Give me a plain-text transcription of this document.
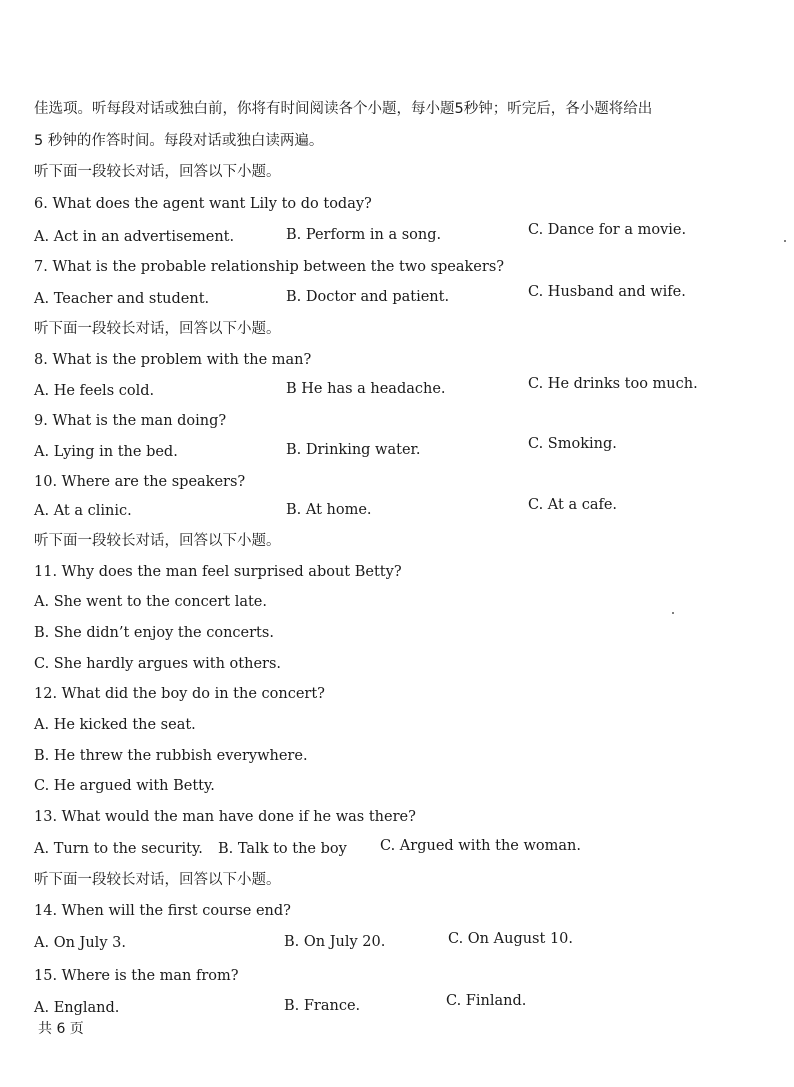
佳选项。听每段对话或独白前，你将有时间阅读各个小题，每小题5秒钟；听完后，各小题将给出
5 秒钟的作答时间。每段对话或独白读两遍。
听下面一段较长对话，回答以下小题。
6. What does the agent want Lily to do today?
A. Act in an advertisement.	B. Perform in a song.	C. Dance for a movie.
7. What is the probable relationship between the two speakers?
A. Teacher and student.	B. Doctor and patient.	C. Husband and wife.
听下面一段较长对话，回答以下小题。
8. What is the problem with the man?
A. He feels cold.	B He has a headache.	C. He drinks too much.
9. What is the man doing?
A. Lying in the bed.	B. Drinking water.	C. Smoking.
10. Where are the speakers?
A. At a clinic.	B. At home.	C. At a cafe.
听下面一段较长对话，回答以下小题。
11. Why does the man feel surprised about Betty?
A. She went to the concert late.
B. She didn’t enjoy the concerts.
C. She hardly argues with others.
12. What did the boy do in the concert?
A. He kicked the seat.
B. He threw the rubbish everywhere.
C. He argued with Betty.
13. What would the man have done if he was there?
A. Turn to the security. B. Talk to the boy C. Argued with the woman.
听下面一段较长对话，回答以下小题。
14. When will the first course end?
A. On July 3.	B. On July 20.	C. On August 10.
15. Where is the man from?
A. England.	B. France.	C. Finland.
共 6 页
